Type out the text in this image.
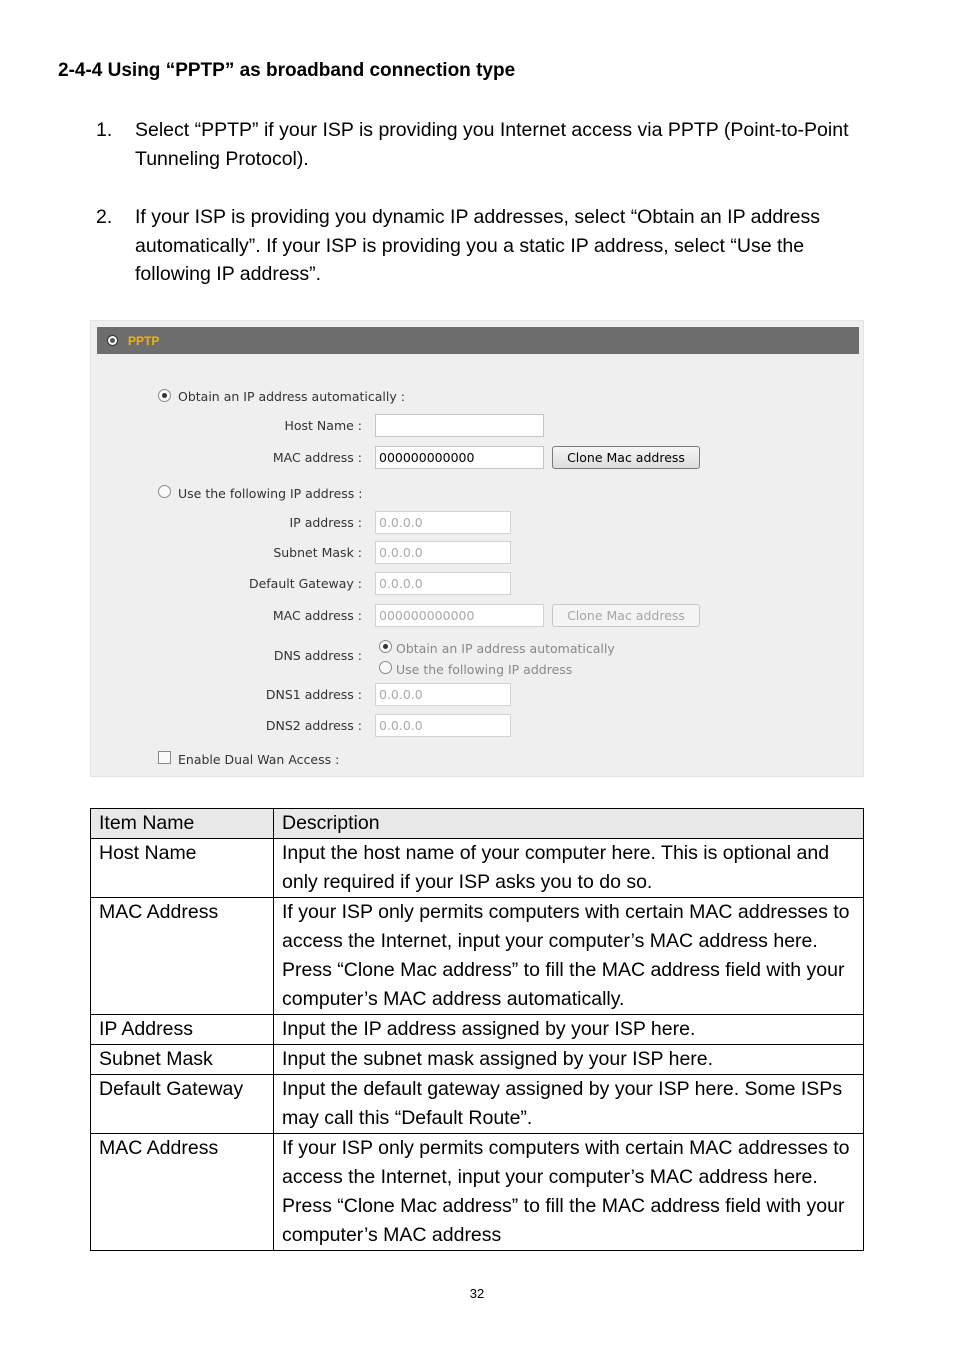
2-4-4 Using “PPTP” as broadband connection type
1. Select “PPTP” if your ISP is providing you Internet access via PPTP (Point-to-Point Tunneling Protocol).
2. If your ISP is providing you dynamic IP addresses, select “Obtain an IP address automatically”. If your ISP is providing you a static IP address, select “Use the following IP address”.
PPTP
Obtain an IP address automatically :
Host Name :
MAC address :	000000000000	Clone Mac address
Use the following IP address :
IP address :	0.0.0.0
Subnet Mask :	0.0.0.0
Default Gateway :	0.0.0.0
MAC address :	000000000000	Clone Mac address
DNS address :	Obtain an IP address automatically
Use the following IP address
DNS1 address :	0.0.0.0
DNS2 address :	0.0.0.0
Enable Dual Wan Access :
Item Name	Description
Host Name	Input the host name of your computer here. This is optional and only required if your ISP asks you to do so.
MAC Address	If your ISP only permits computers with certain MAC addresses to access the Internet, input your computer’s MAC address here. Press “Clone Mac address” to fill the MAC address field with your computer’s MAC address automatically.
IP Address	Input the IP address assigned by your ISP here.
Subnet Mask	Input the subnet mask assigned by your ISP here.
Default Gateway	Input the default gateway assigned by your ISP here. Some ISPs may call this “Default Route”.
MAC Address	If your ISP only permits computers with certain MAC addresses to access the Internet, input your computer’s MAC address here. Press “Clone Mac address” to fill the MAC address field with your computer’s MAC address
32
